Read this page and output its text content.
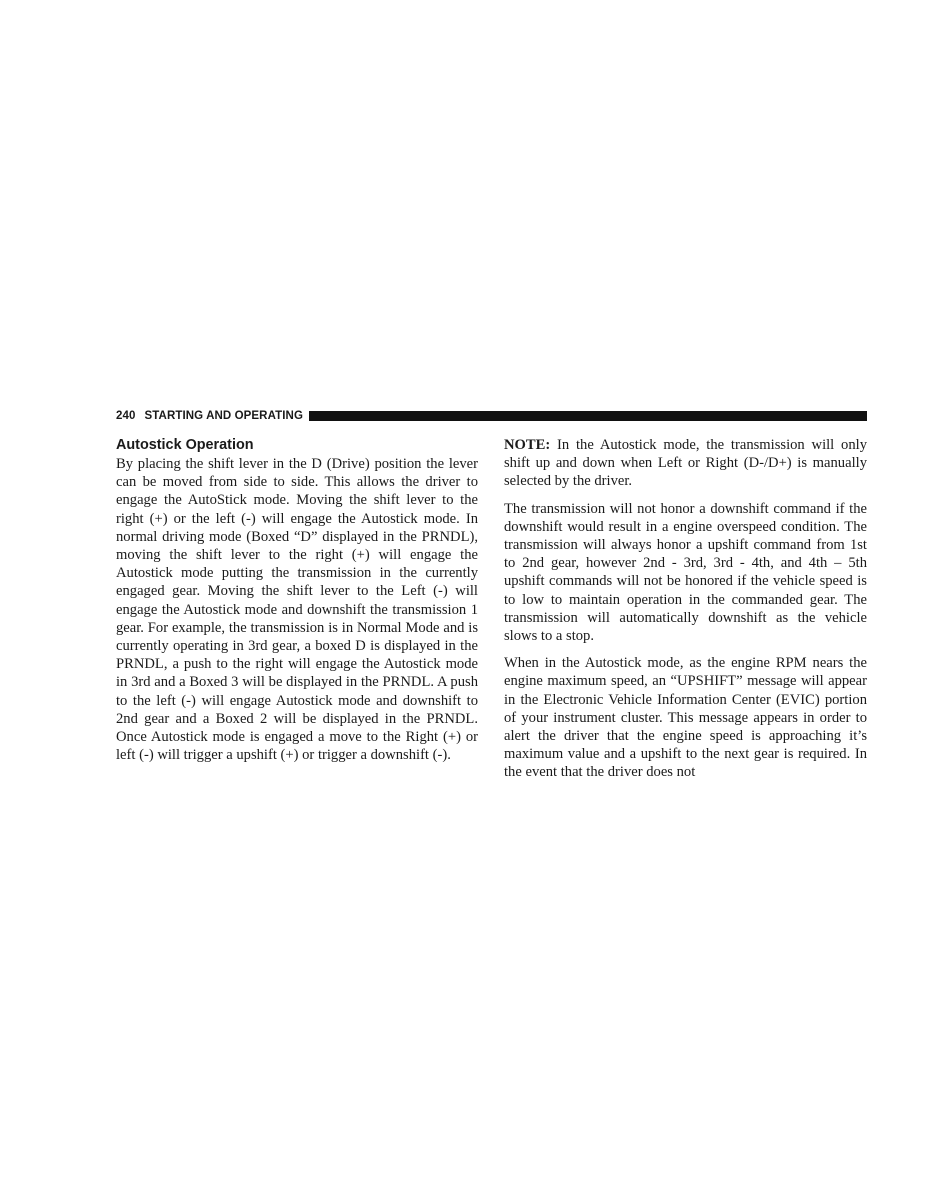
240 STARTING AND OPERATING
Autostick Operation

By placing the shift lever in the D (Drive) position the lever can be moved from side to side. This allows the driver to engage the AutoStick mode. Moving the shift lever to the right (+) or the left (-) will engage the Autostick mode. In normal driving mode (Boxed “D” displayed in the PRNDL), moving the shift lever to the right (+) will engage the Autostick mode putting the transmission in the currently engaged gear. Moving the shift lever to the Left (-) will engage the Autostick mode and downshift the transmission 1 gear. For example, the transmission is in Normal Mode and is currently operating in 3rd gear, a boxed D is displayed in the PRNDL, a push to the right will engage the Autostick mode in 3rd and a Boxed 3 will be displayed in the PRNDL. A push to the left (-) will engage Autostick mode and downshift to 2nd gear and a Boxed 2 will be displayed in the PRNDL. Once Autostick mode is engaged a move to the Right (+) or left (-) will trigger a upshift (+) or trigger a downshift (-).

NOTE: In the Autostick mode, the transmission will only shift up and down when Left or Right (D-/D+) is manually selected by the driver.

The transmission will not honor a downshift command if the downshift would result in a engine overspeed condition. The transmission will always honor a upshift command from 1st to 2nd gear, however 2nd - 3rd, 3rd - 4th, and 4th – 5th upshift commands will not be honored if the vehicle speed is to low to maintain operation in the commanded gear. The transmission will automatically downshift as the vehicle slows to a stop.

When in the Autostick mode, as the engine RPM nears the engine maximum speed, an “UPSHIFT” message will appear in the Electronic Vehicle Information Center (EVIC) portion of your instrument cluster. This message appears in order to alert the driver that the engine speed is approaching it’s maximum value and a upshift to the next gear is required. In the event that the driver does not
